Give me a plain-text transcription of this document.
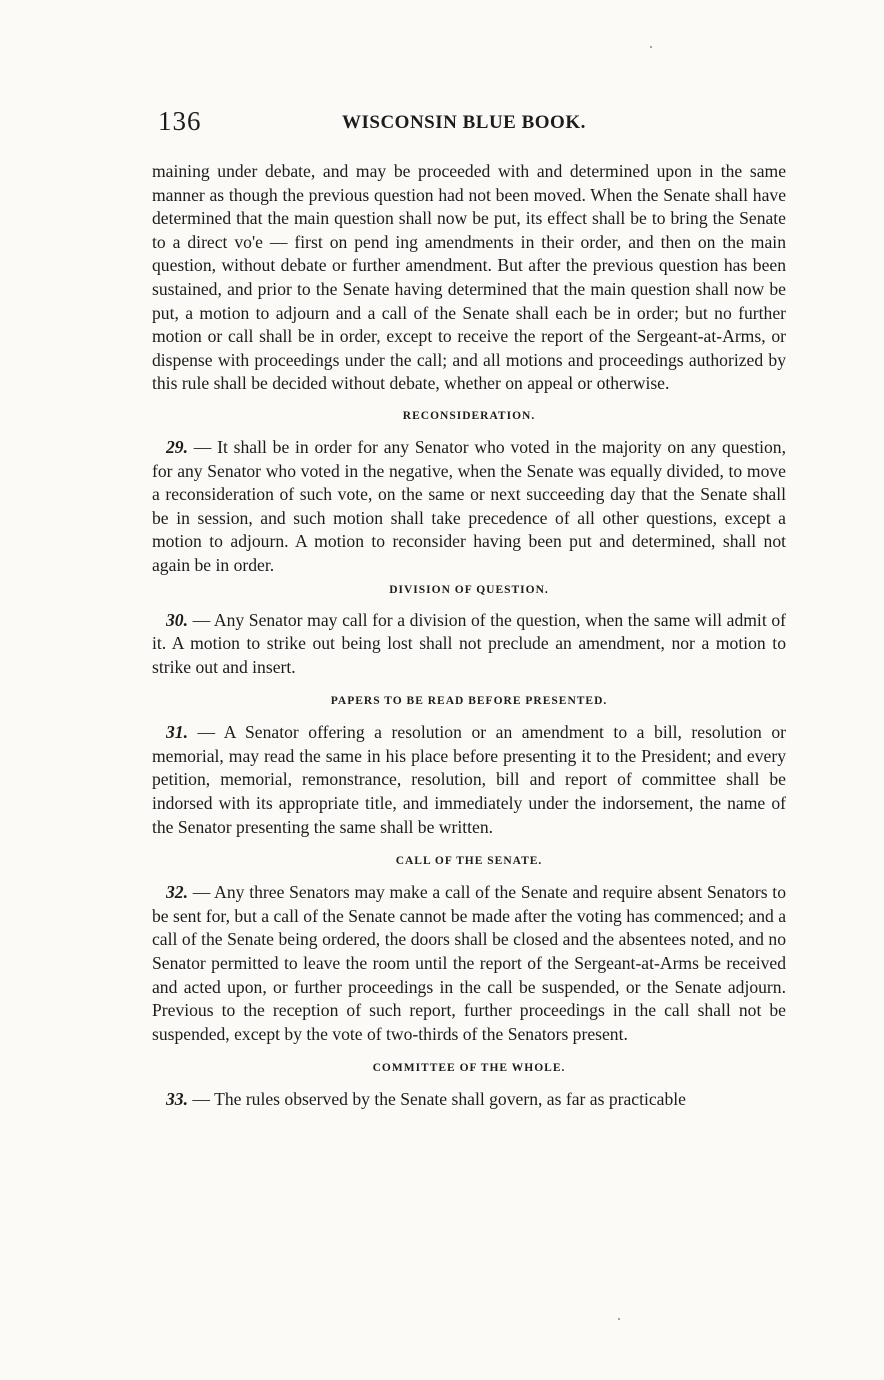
136	WISCONSIN BLUE BOOK.

maining under debate, and may be proceeded with and determined upon in the same manner as though the previous question had not been moved. When the Senate shall have determined that the main question shall now be put, its effect shall be to bring the Senate to a direct vo'e — first on pend ing amendments in their order, and then on the main question, without debate or further amendment. But after the previous question has been sustained, and prior to the Senate having determined that the main question shall now be put, a motion to adjourn and a call of the Senate shall each be in order; but no further motion or call shall be in order, except to receive the report of the Sergeant-at-Arms, or dispense with proceedings under the call; and all motions and proceedings authorized by this rule shall be decided without debate, whether on appeal or otherwise.

RECONSIDERATION.

29. — It shall be in order for any Senator who voted in the majority on any question, for any Senator who voted in the negative, when the Senate was equally divided, to move a reconsideration of such vote, on the same or next succeeding day that the Senate shall be in session, and such motion shall take precedence of all other questions, except a motion to adjourn. A motion to reconsider having been put and determined, shall not again be in order.

DIVISION OF QUESTION.

30. — Any Senator may call for a division of the question, when the same will admit of it. A motion to strike out being lost shall not preclude an amendment, nor a motion to strike out and insert.

PAPERS TO BE READ BEFORE PRESENTED.

31. — A Senator offering a resolution or an amendment to a bill, resolution or memorial, may read the same in his place before presenting it to the President; and every petition, memorial, remonstrance, resolution, bill and report of committee shall be indorsed with its appropriate title, and immediately under the indorsement, the name of the Senator presenting the same shall be written.

CALL OF THE SENATE.

32. — Any three Senators may make a call of the Senate and require absent Senators to be sent for, but a call of the Senate cannot be made after the voting has commenced; and a call of the Senate being ordered, the doors shall be closed and the absentees noted, and no Senator permitted to leave the room until the report of the Sergeant-at-Arms be received and acted upon, or further proceedings in the call be suspended, or the Senate adjourn. Previous to the reception of such report, further proceedings in the call shall not be suspended, except by the vote of two-thirds of the Senators present.

COMMITTEE OF THE WHOLE.

33. — The rules observed by the Senate shall govern, as far as practicable
